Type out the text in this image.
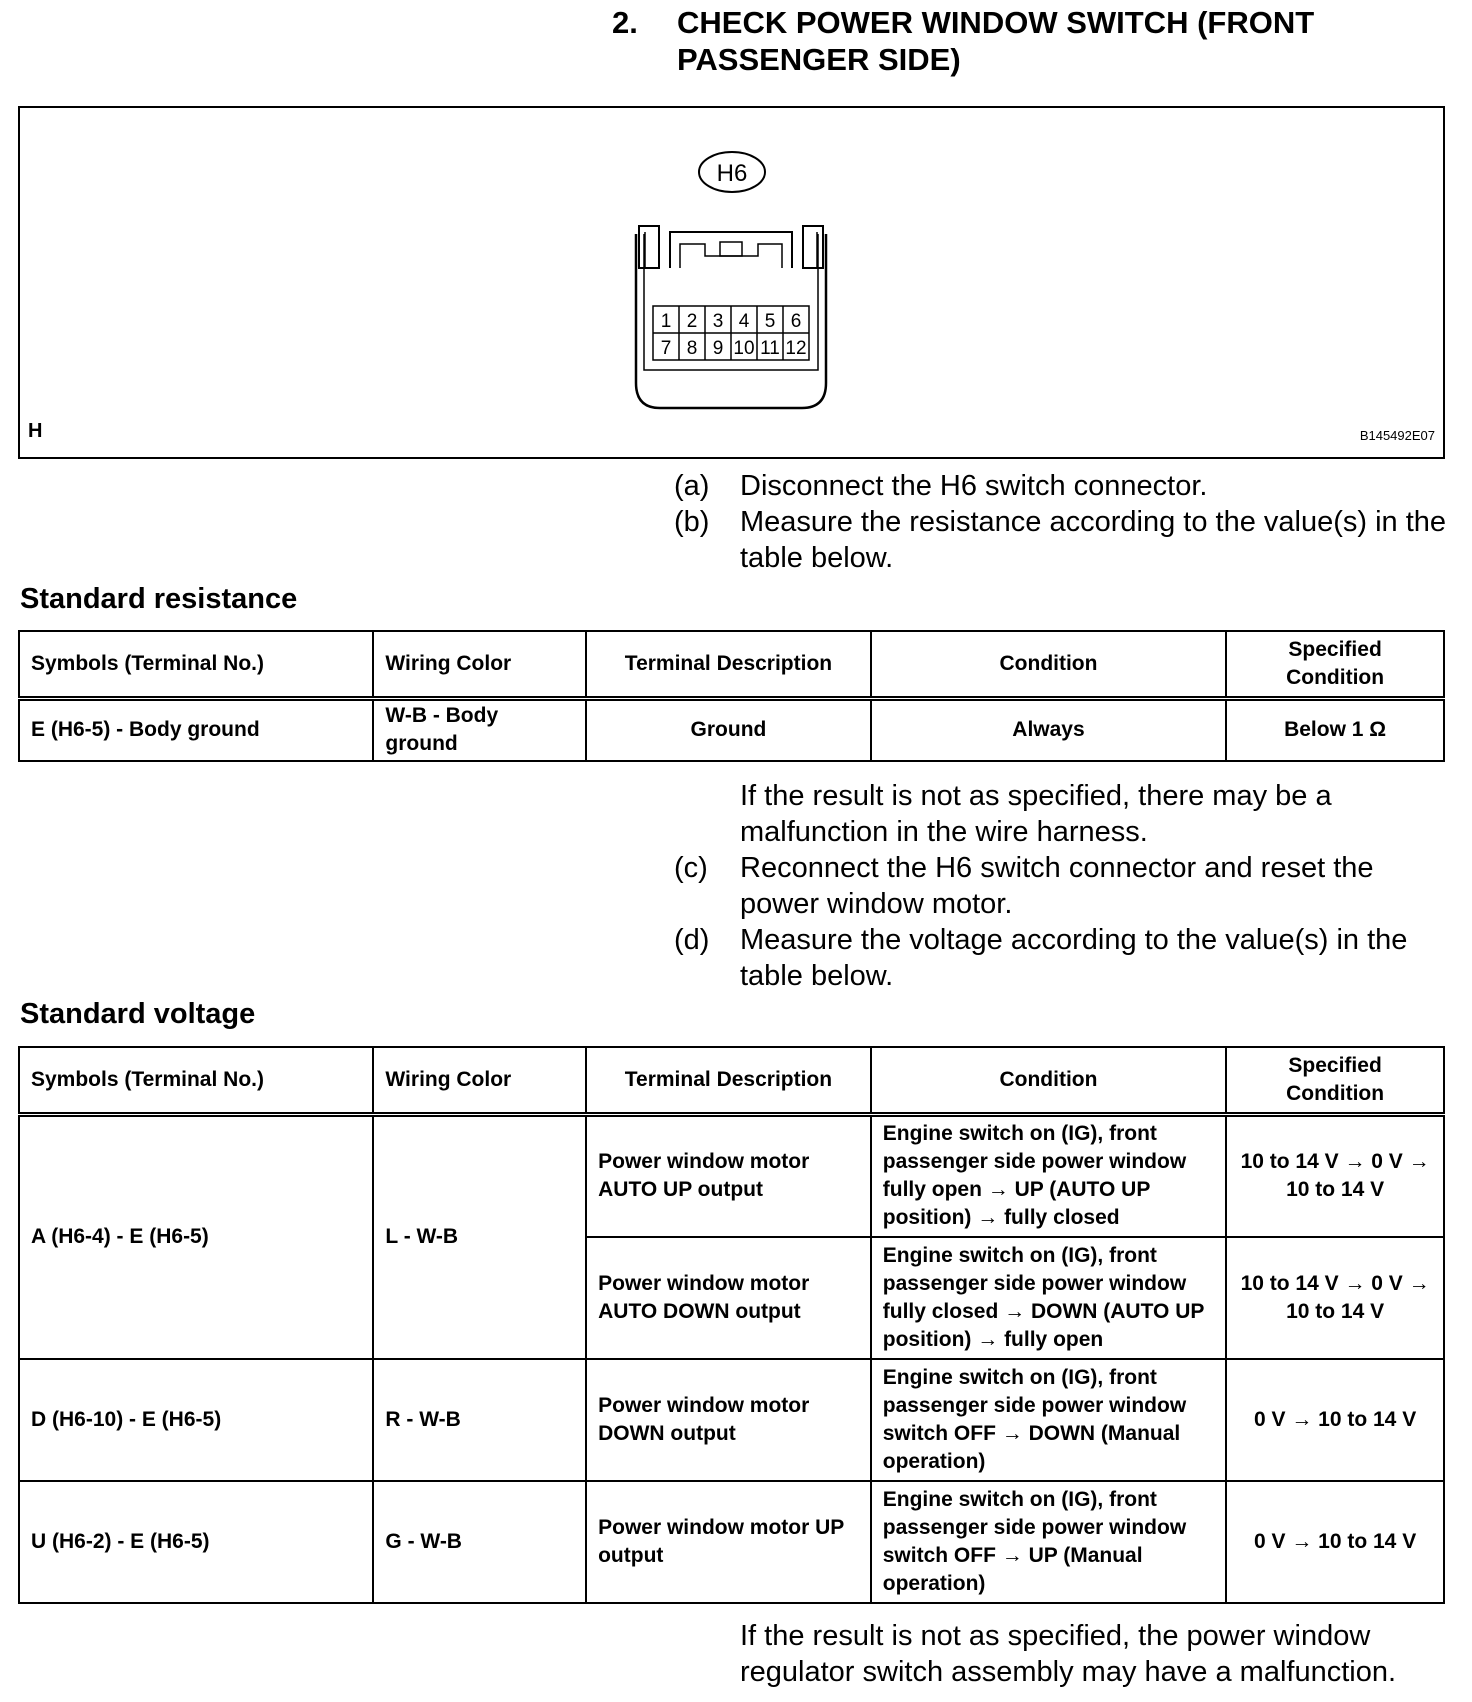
2.	CHECK POWER WINDOW SWITCH (FRONT PASSENGER SIDE)
H6
1 2 3 4 5 6
7 8 9 10 11 12
H	B145492E07
(a)	Disconnect the H6 switch connector.
(b)	Measure the resistance according to the value(s) in the table below.
Standard resistance
Symbols (Terminal No.)	Wiring Color	Terminal Description	Condition	Specified Condition
E (H6-5) - Body ground	W-B - Body ground	Ground	Always	Below 1 Ω
If the result is not as specified, there may be a malfunction in the wire harness.
(c)	Reconnect the H6 switch connector and reset the power window motor.
(d)	Measure the voltage according to the value(s) in the table below.
Standard voltage
Symbols (Terminal No.)	Wiring Color	Terminal Description	Condition	Specified Condition
A (H6-4) - E (H6-5)	L - W-B	Power window motor AUTO UP output	Engine switch on (IG), front passenger side power window fully open → UP (AUTO UP position) → fully closed	10 to 14 V → 0 V → 10 to 14 V
		Power window motor AUTO DOWN output	Engine switch on (IG), front passenger side power window fully closed → DOWN (AUTO UP position) → fully open	10 to 14 V → 0 V → 10 to 14 V
D (H6-10) - E (H6-5)	R - W-B	Power window motor DOWN output	Engine switch on (IG), front passenger side power window switch OFF → DOWN (Manual operation)	0 V → 10 to 14 V
U (H6-2) - E (H6-5)	G - W-B	Power window motor UP output	Engine switch on (IG), front passenger side power window switch OFF → UP (Manual operation)	0 V → 10 to 14 V
If the result is not as specified, the power window regulator switch assembly may have a malfunction.
